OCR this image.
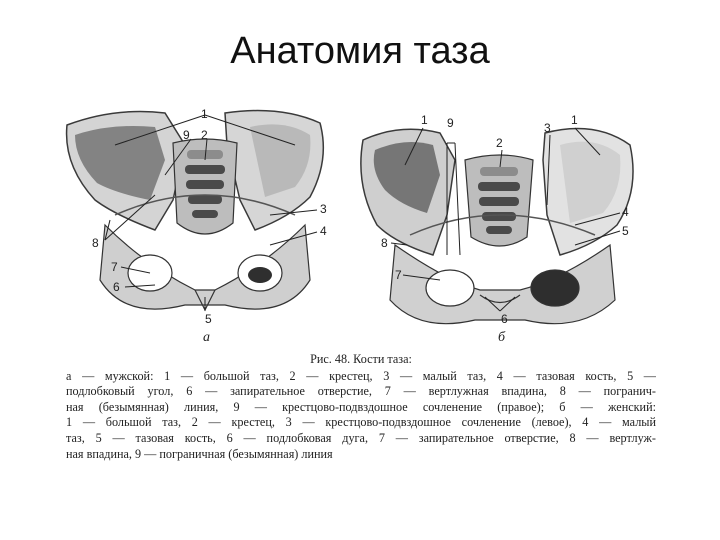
Анатомия таза
1
9 2
3
4
8
7
6
5
а
1 9	3
1
2
4
5
8
7
6
б
Рис. 48. Кости таза:
а — мужской: 1 — большой таз, 2 — крестец, 3 — малый таз, 4 — тазовая кость, 5 —
подлобковый угол, 6 — запирательное отверстие, 7 — вертлужная впадина, 8 — погранич-
ная (безымянная) линия, 9 — крестцово-подвздошное сочленение (правое); б — женский:
1 — большой таз, 2 — крестец, 3 — крестцово-подвздошное сочленение (левое), 4 — малый
таз, 5 — тазовая кость, 6 — подлобковая дуга, 7 — запирательное отверстие, 8 — вертлуж-
ная впадина, 9 — пограничная (безымянная) линия
